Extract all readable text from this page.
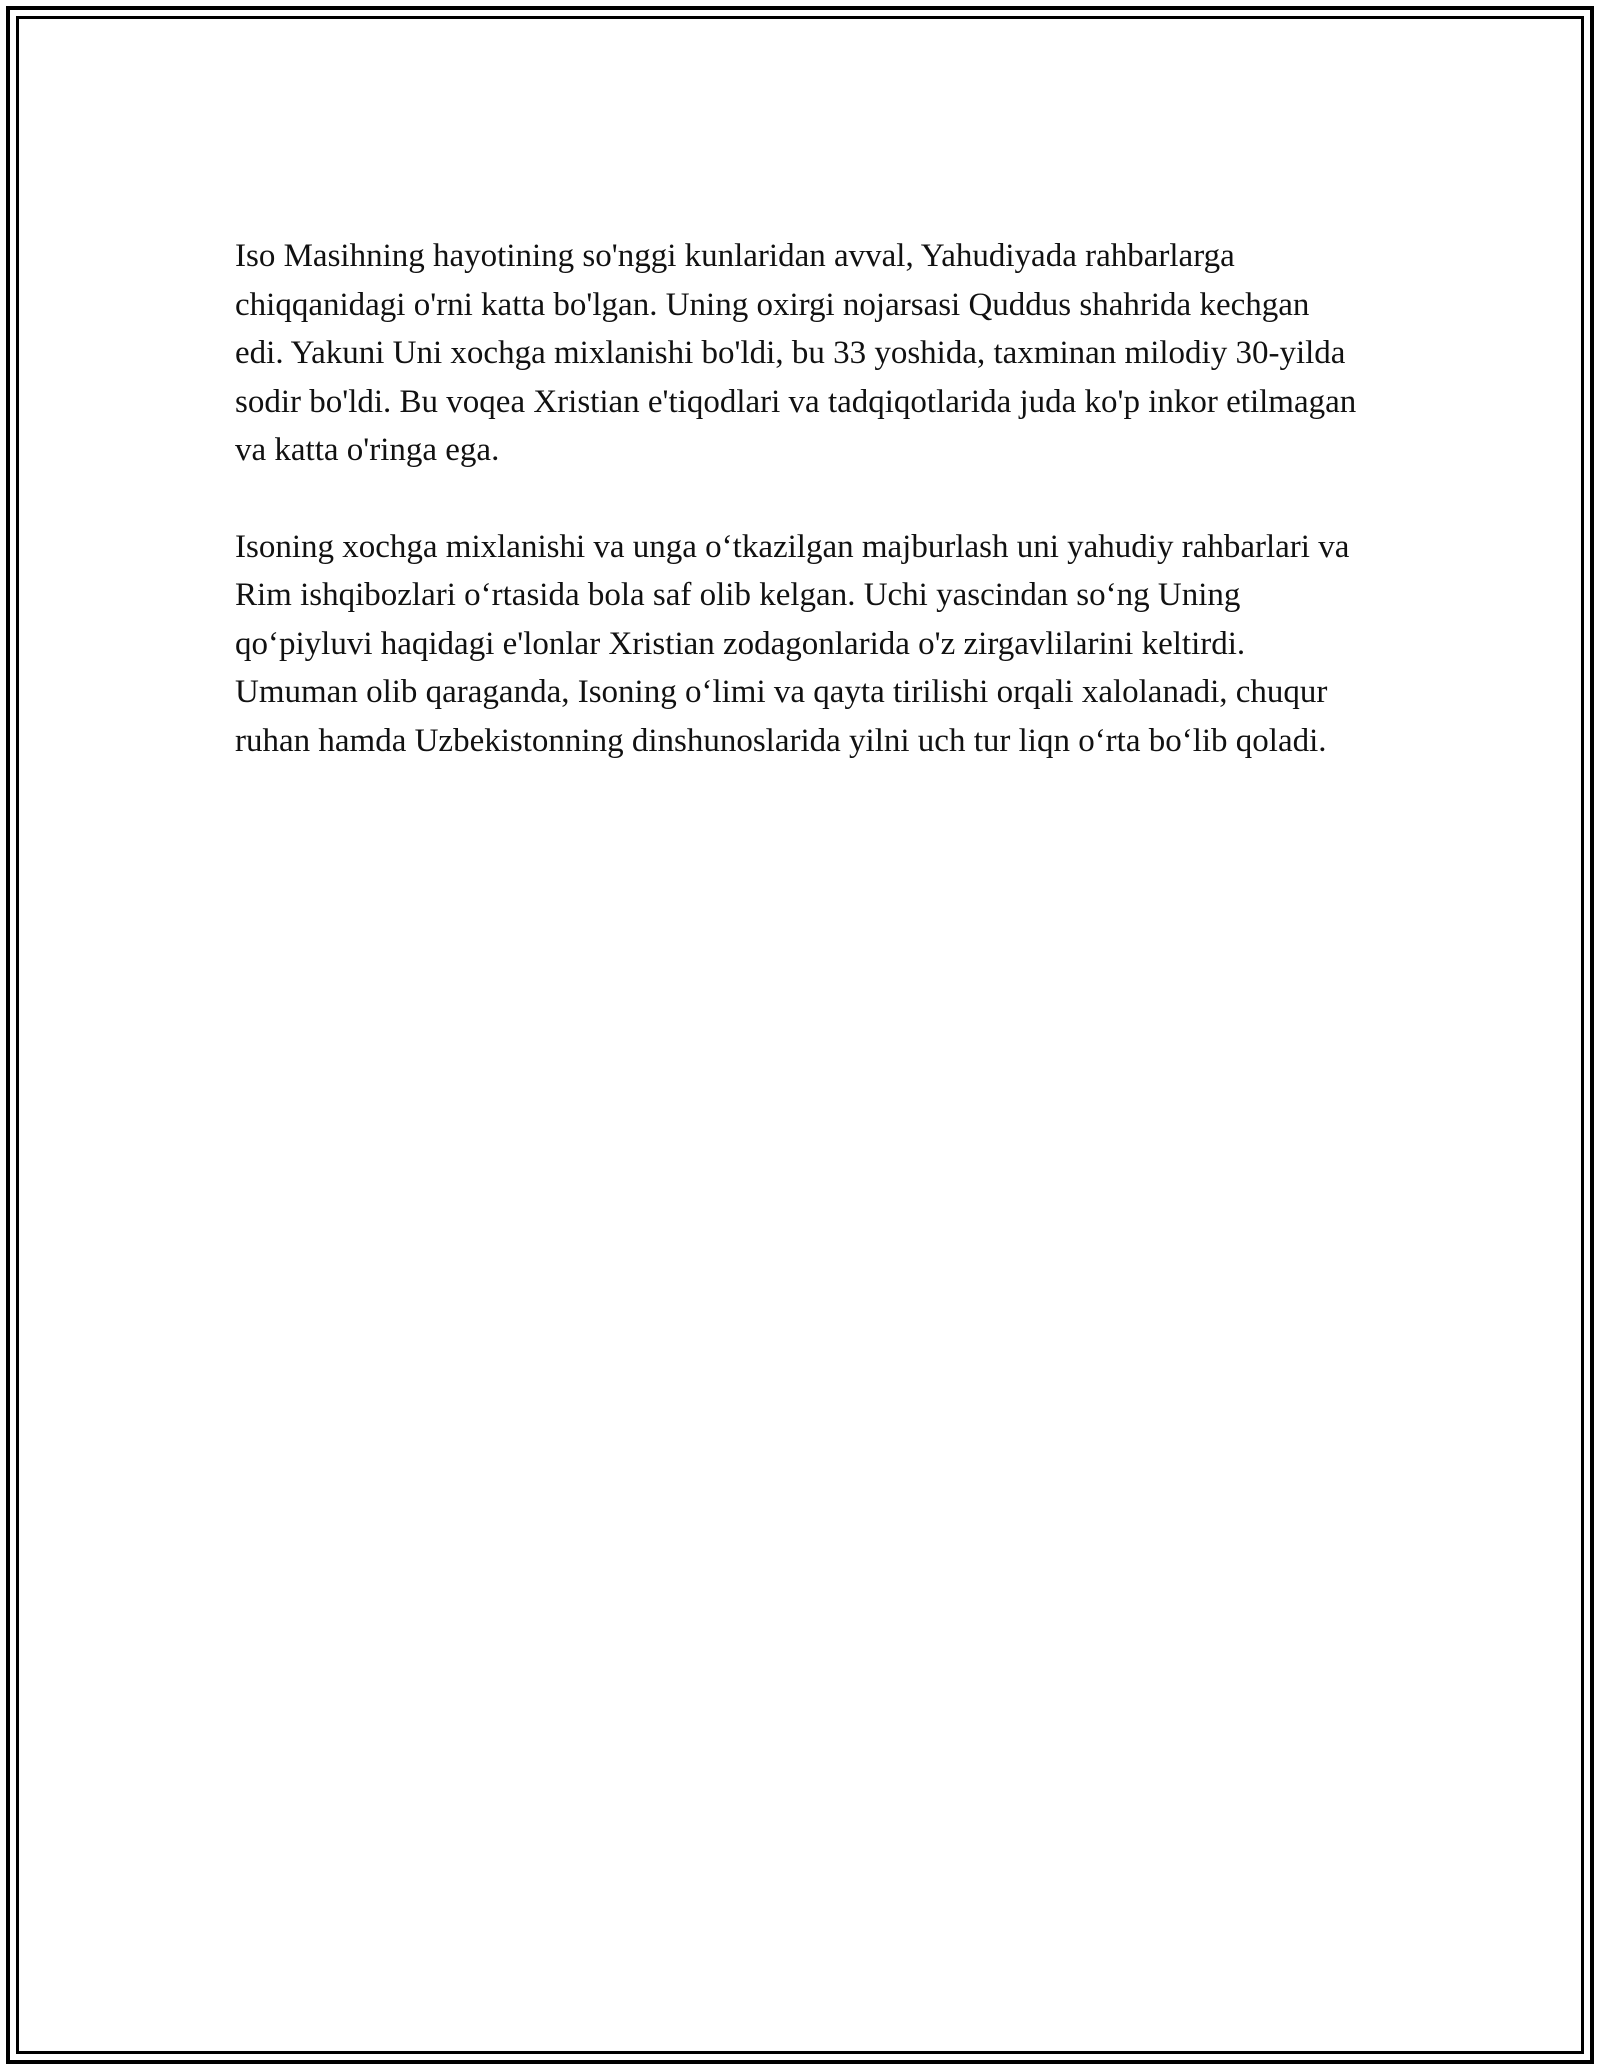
Iso Masihning hayotining so'nggi kunlaridan avval, Yahudiyada rahbarlarga chiqqanidagi o'rni katta bo'lgan. Uning oxirgi nojarsasi Quddus shahrida kechgan edi. Yakuni Uni xochga mixlanishi bo'ldi, bu 33 yoshida, taxminan milodiy 30-yilda sodir bo'ldi. Bu voqea Xristian e'tiqodlari va tadqiqotlarida juda ko'p inkor etilmagan va katta o'ringa ega.

Isoning xochga mixlanishi va unga o‘tkazilgan majburlash uni yahudiy rahbarlari va Rim ishqibozlari o‘rtasida bola saf olib kelgan. Uchi yascindan so‘ng Uning qo‘piyluvi haqidagi e'lonlar Xristian zodagonlarida o'z zirgavlilarini keltirdi. Umuman olib qaraganda, Isoning o‘limi va qayta tirilishi orqali xalolanadi, chuqur ruhan hamda Uzbekistonning dinshunoslarida yilni uch tur liqn o‘rta bo‘lib qoladi.
